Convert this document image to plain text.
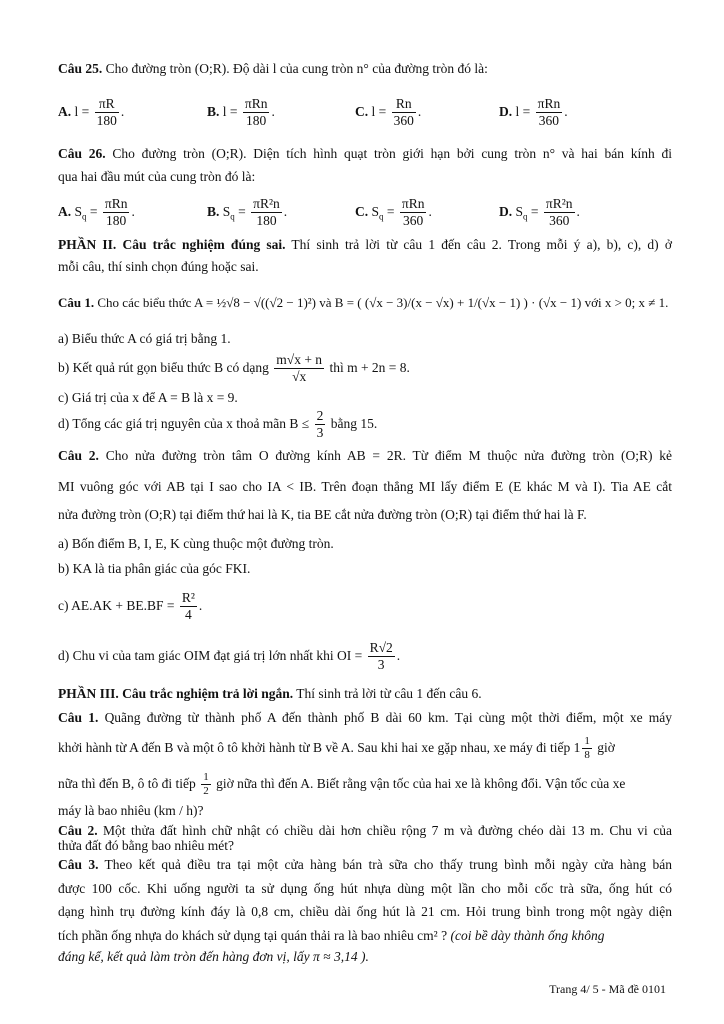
Câu 25. Cho đường tròn (O;R). Độ dài l của cung tròn n° của đường tròn đó là:
A. $l = \frac{\pi R}{180}$ .	B. $l = \frac{\text{πRn}}{180}$ .	C. $l = \frac{Rn}{360}$ .	D. $l = \frac{\text{πRn}}{360}$ .
Câu 26. Cho đường tròn (O;R). Diện tích hình quạt tròn giới hạn bởi cung tròn n° và hai bán kính đi
qua hai đầu mút của cung tròn đó là:
A. $S_q = \frac{\text{πRn}}{180}$ .	B. $S_q = \frac{\text{πR²n}}{180}$ .	C. $S_q = \frac{\text{πRn}}{360}$ .	D. $S_q = \frac{\text{πR²n}}{360}$ .
PHẦN II. Câu trắc nghiệm đúng sai. Thí sinh trả lời từ câu 1 đến câu 2. Trong mỗi ý a), b), c), d) ở
mỗi câu, thí sinh chọn đúng hoặc sai.
Câu 1. Cho các biểu thức A = ½√8 − √((√2 − 1)²) và B = ( (√x − 3)/(x − √x) + 1/(√x − 1) ) · (√x − 1) với x > 0; x ≠ 1.
a) Biểu thức A có giá trị bằng 1.
b) Kết quả rút gọn biểu thức B có dạng $\frac{m√x + n}{√x}$ thì m + 2n = 8.
c) Giá trị của x để A = B là x = 9.
d) Tổng các giá trị nguyên của x thoả mãn $B \le \frac{2}{3}$ bằng 15.
Câu 2. Cho nửa đường tròn tâm O đường kính AB = 2R. Từ điểm M thuộc nửa đường tròn (O;R) kẻ
MI vuông góc với AB tại I sao cho IA < IB. Trên đoạn thẳng MI lấy điểm E (E khác M và I). Tia AE cắt
nửa đường tròn (O;R) tại điểm thứ hai là K, tia BE cắt nửa đường tròn (O;R) tại điểm thứ hai là F.
a) Bốn điểm B, I, E, K cùng thuộc một đường tròn.
b) KA là tia phân giác của góc FKI.
c) $AE.AK + BE.BF = \frac{\text{R²}}{4}$ .
d) Chu vi của tam giác OIM đạt giá trị lớn nhất khi OI = $\frac{R√2}{3}$ .
PHẦN III. Câu trắc nghiệm trả lời ngắn. Thí sinh trả lời từ câu 1 đến câu 6.
Câu 1. Quãng đường từ thành phố A đến thành phố B dài 60 km. Tại cùng một thời điểm, một xe máy
khởi hành từ A đến B và một ô tô khởi hành từ B về A. Sau khi hai xe gặp nhau, xe máy đi tiếp $1 \frac{1}{8}$ giờ
nữa thì đến B, ô tô đi tiếp $\frac{1}{2}$ giờ nữa thì đến A. Biết rằng vận tốc của hai xe là không đổi. Vận tốc của xe
máy là bao nhiêu (km / h)?
Câu 2. Một thửa đất hình chữ nhật có chiều dài hơn chiều rộng 7 m và đường chéo dài 13 m. Chu vi của
thửa đất đó bằng bao nhiêu mét?
Câu 3. Theo kết quả điều tra tại một cửa hàng bán trà sữa cho thấy trung bình mỗi ngày cửa hàng bán
được 100 cốc. Khi uống người ta sử dụng ống hút nhựa dùng một lần cho mỗi cốc trà sữa, ống hút có
dạng hình trụ đường kính đáy là 0,8 cm, chiều dài ống hút là 21 cm. Hỏi trung bình trong một ngày diện
tích phần ống nhựa do khách sử dụng tại quán thải ra là bao nhiêu cm² ? (coi bề dày thành ống không
đáng kể, kết quả làm tròn đến hàng đơn vị, lấy π ≈ 3,14 ).
Trang 4/ 5 - Mã đề 0101
